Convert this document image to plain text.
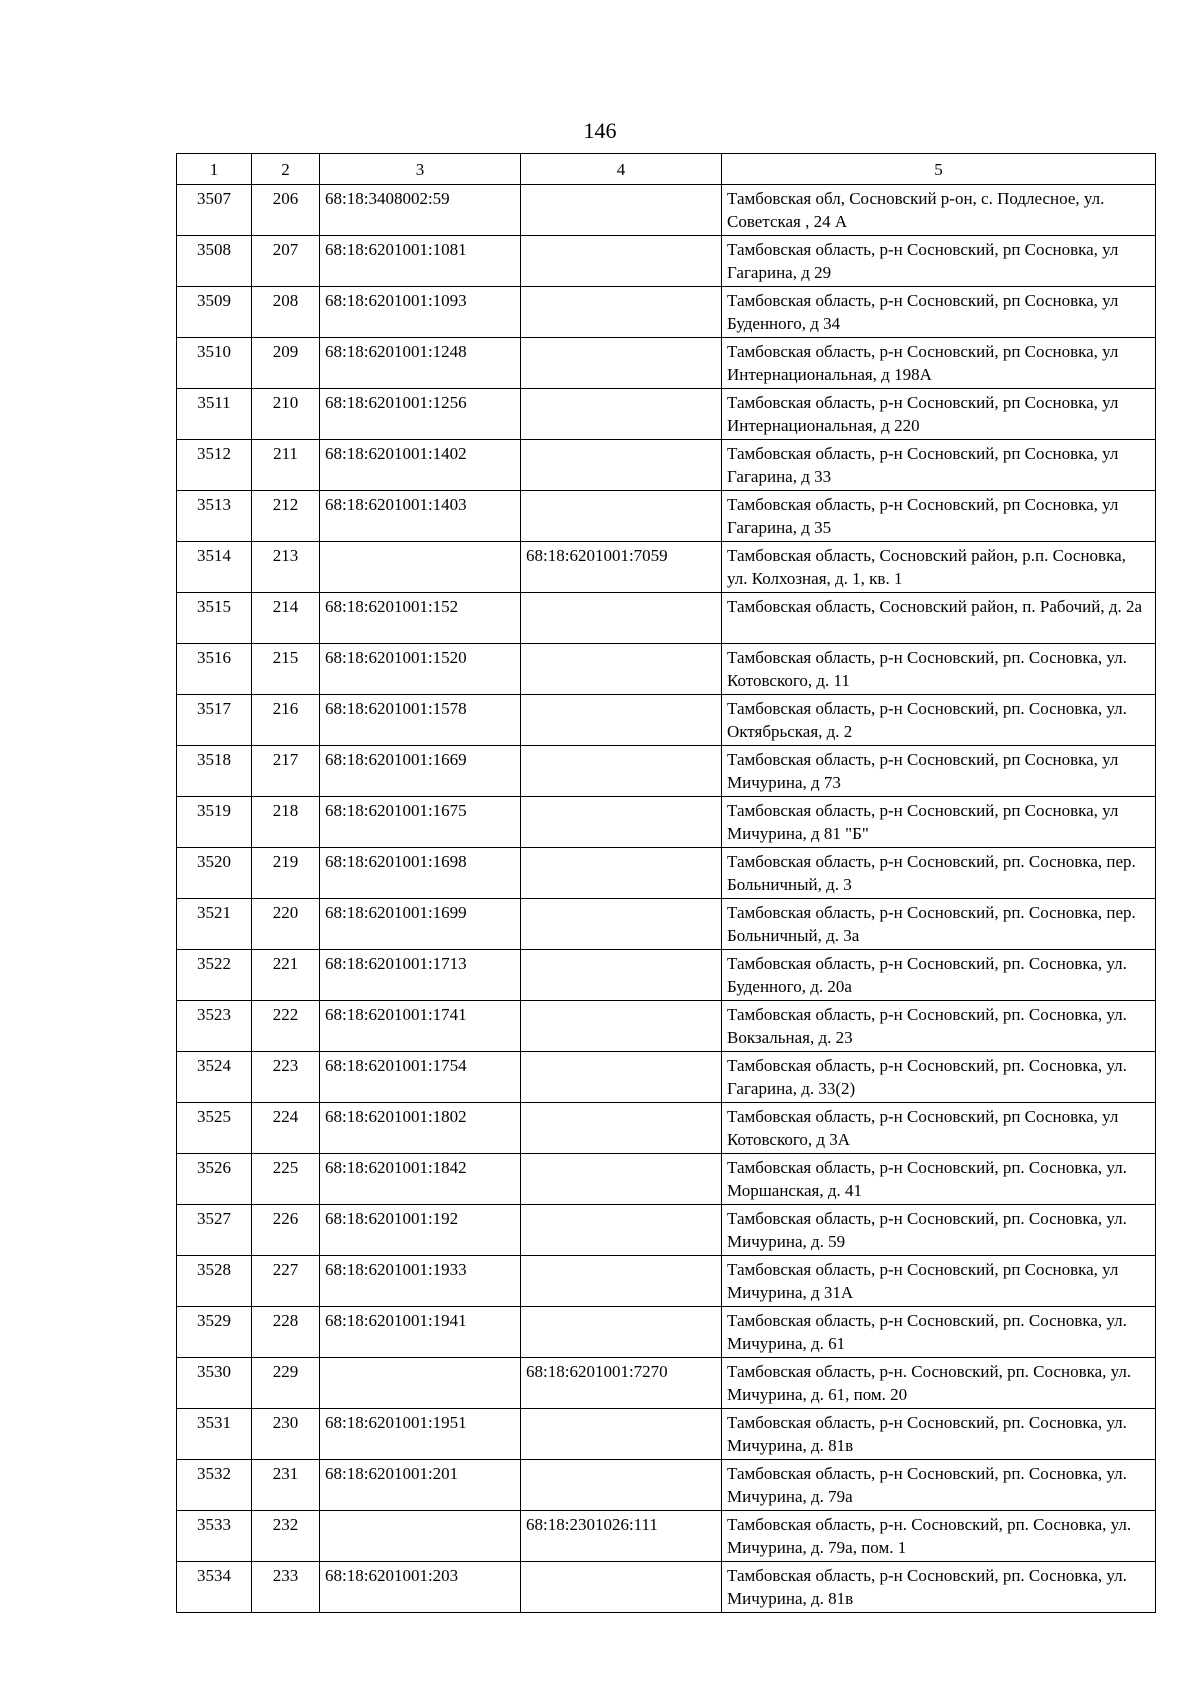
146
1	2	3	4	5
3507	206	68:18:3408002:59		Тамбовская обл, Сосновский р-он, с. Подлесное, ул. Советская , 24 А
3508	207	68:18:6201001:1081		Тамбовская область, р-н Сосновский, рп Сосновка, ул Гагарина, д 29
3509	208	68:18:6201001:1093		Тамбовская область, р-н Сосновский, рп Сосновка, ул Буденного, д 34
3510	209	68:18:6201001:1248		Тамбовская область, р-н Сосновский, рп Сосновка, ул Интернациональная, д 198А
3511	210	68:18:6201001:1256		Тамбовская область, р-н Сосновский, рп Сосновка, ул Интернациональная, д 220
3512	211	68:18:6201001:1402		Тамбовская область, р-н Сосновский, рп Сосновка, ул Гагарина, д 33
3513	212	68:18:6201001:1403		Тамбовская область, р-н Сосновский, рп Сосновка, ул Гагарина, д 35
3514	213		68:18:6201001:7059	Тамбовская область, Сосновский район, р.п. Сосновка, ул. Колхозная, д. 1, кв. 1
3515	214	68:18:6201001:152		Тамбовская область, Сосновский район, п. Рабочий, д. 2а
3516	215	68:18:6201001:1520		Тамбовская область, р-н Сосновский, рп. Сосновка, ул. Котовского, д. 11
3517	216	68:18:6201001:1578		Тамбовская область, р-н Сосновский, рп. Сосновка, ул. Октябрьская, д. 2
3518	217	68:18:6201001:1669		Тамбовская область, р-н Сосновский, рп Сосновка, ул Мичурина, д 73
3519	218	68:18:6201001:1675		Тамбовская область, р-н Сосновский, рп Сосновка, ул Мичурина, д 81 "Б"
3520	219	68:18:6201001:1698		Тамбовская область, р-н Сосновский, рп. Сосновка, пер. Больничный, д. 3
3521	220	68:18:6201001:1699		Тамбовская область, р-н Сосновский, рп. Сосновка, пер. Больничный, д. 3а
3522	221	68:18:6201001:1713		Тамбовская область, р-н Сосновский, рп. Сосновка, ул. Буденного, д. 20а
3523	222	68:18:6201001:1741		Тамбовская область, р-н Сосновский, рп. Сосновка, ул. Вокзальная, д. 23
3524	223	68:18:6201001:1754		Тамбовская область, р-н Сосновский, рп. Сосновка, ул. Гагарина, д. 33(2)
3525	224	68:18:6201001:1802		Тамбовская область, р-н Сосновский, рп Сосновка, ул Котовского, д 3А
3526	225	68:18:6201001:1842		Тамбовская область, р-н Сосновский, рп. Сосновка, ул. Моршанская, д. 41
3527	226	68:18:6201001:192		Тамбовская область, р-н Сосновский, рп. Сосновка, ул. Мичурина, д. 59
3528	227	68:18:6201001:1933		Тамбовская область, р-н Сосновский, рп Сосновка, ул Мичурина, д 31А
3529	228	68:18:6201001:1941		Тамбовская область, р-н Сосновский, рп. Сосновка, ул. Мичурина, д. 61
3530	229		68:18:6201001:7270	Тамбовская область, р-н. Сосновский, рп. Сосновка, ул. Мичурина, д. 61, пом. 20
3531	230	68:18:6201001:1951		Тамбовская область, р-н Сосновский, рп. Сосновка, ул. Мичурина, д. 81в
3532	231	68:18:6201001:201		Тамбовская область, р-н Сосновский, рп. Сосновка, ул. Мичурина, д. 79а
3533	232		68:18:2301026:111	Тамбовская область, р-н. Сосновский, рп. Сосновка, ул. Мичурина, д. 79а, пом. 1
3534	233	68:18:6201001:203		Тамбовская область, р-н Сосновский, рп. Сосновка, ул. Мичурина, д. 81в
